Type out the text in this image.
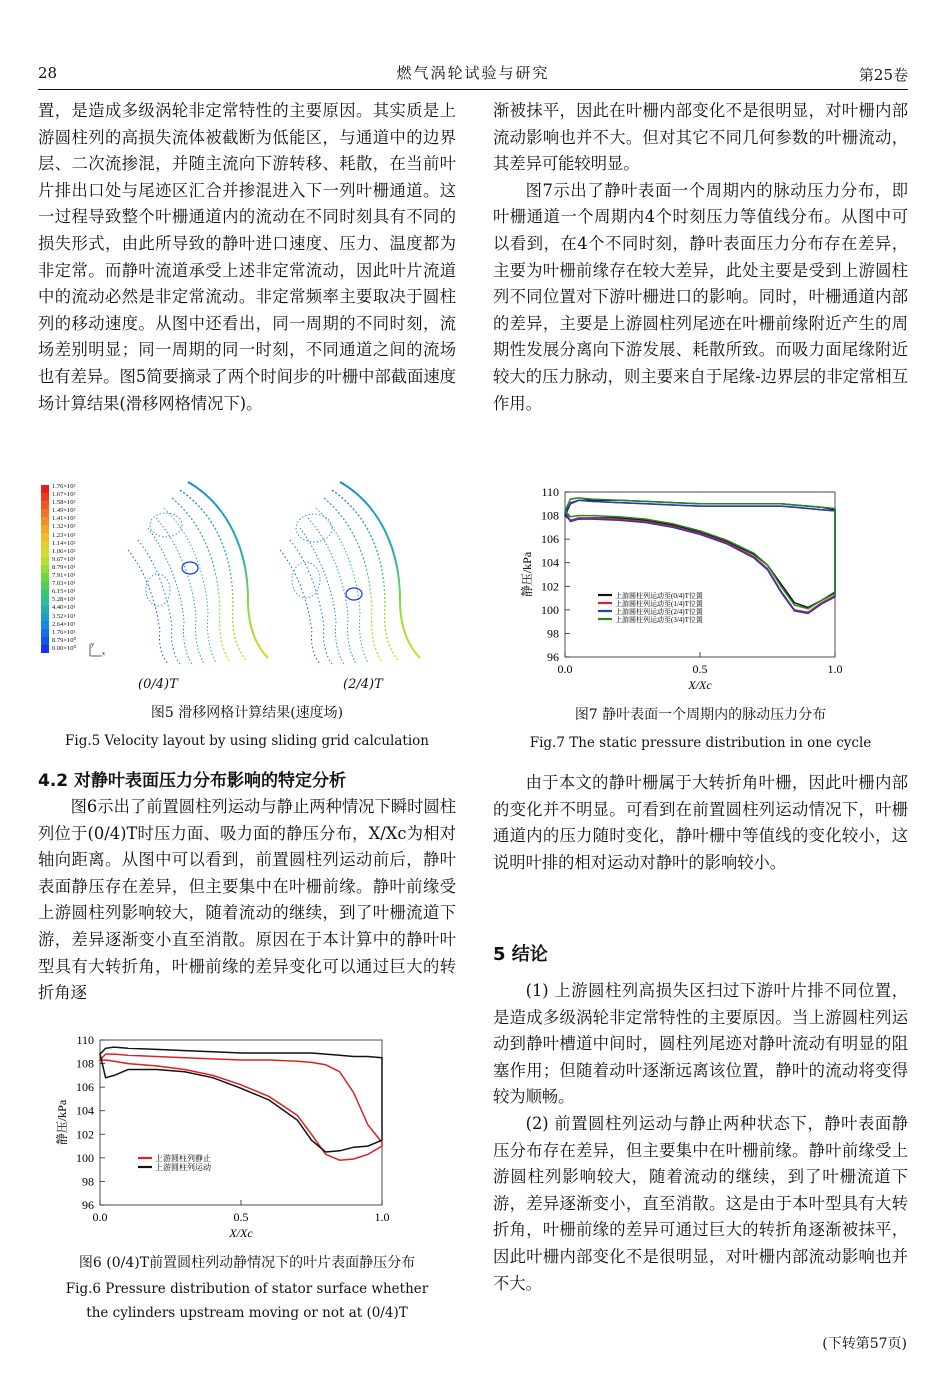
28	燃气涡轮试验与研究	第25卷

置，是造成多级涡轮非定常特性的主要原因。其实质是上游圆柱列的高损失流体被截断为低能区，与通道中的边界层、二次流掺混，并随主流向下游转移、耗散，在当前叶片排出口处与尾迹区汇合并掺混进入下一列叶栅通道。这一过程导致整个叶栅通道内的流动在不同时刻具有不同的损失形式，由此所导致的静叶进口速度、压力、温度都为非定常。而静叶流道承受上述非定常流动，因此叶片流道中的流动必然是非定常流动。非定常频率主要取决于圆柱列的移动速度。从图中还看出，同一周期的不同时刻，流场差别明显；同一周期的同一时刻，不同通道之间的流场也有差异。图5简要摘录了两个时间步的叶栅中部截面速度场计算结果(滑移网格情况下)。

1.76×10²
1.67×10²
1.58×10²
1.49×10²
1.41×10²
1.32×10²
1.23×10²
1.14×10²
1.06×10²
9.67×10¹
8.79×10¹
7.91×10¹
7.03×10¹
6.15×10¹
5.28×10¹
4.40×10¹
3.52×10¹
2.64×10¹
1.76×10¹
8.79×10⁰
0.00×10⁰	y
x
(0/4)T	(2/4)T
图5 滑移网格计算结果(速度场)
Fig.5 Velocity layout by using sliding grid calculation
4.2 对静叶表面压力分布影响的特定分析

图6示出了前置圆柱列运动与静止两种情况下瞬时圆柱列位于(0/4)T时压力面、吸力面的静压分布，X/Xc为相对轴向距离。从图中可以看到，前置圆柱列运动前后，静叶表面静压存在差异，但主要集中在叶栅前缘。静叶前缘受上游圆柱列影响较大，随着流动的继续，到了叶栅流道下游，差异逐渐变小直至消散。原因在于本计算中的静叶叶型具有大转折角，叶栅前缘的差异变化可以通过巨大的转折角逐

渐被抹平，因此在叶栅内部变化不是很明显，对叶栅内部流动影响也并不大。但对其它不同几何参数的叶栅流动，其差异可能较明显。

图7示出了静叶表面一个周期内的脉动压力分布，即叶栅通道一个周期内4个时刻压力等值线分布。从图中可以看到，在4个不同时刻，静叶表面压力分布存在差异，主要为叶栅前缘存在较大差异，此处主要是受到上游圆柱列不同位置对下游叶栅进口的影响。同时，叶栅通道内部的差异，主要是上游圆柱列尾迹在叶栅前缘附近产生的周期性发展分离向下游发展、耗散所致。而吸力面尾缘附近较大的压力脉动，则主要来自于尾缘-边界层的非定常相互作用。

110
108
106
104
102
100
98
96
0.0	0.5	1.0
X/Xc
静压/kPa	上游圆柱列运动至(0/4)T位置
上游圆柱列运动至(1/4)T位置
上游圆柱列运动至(2/4)T位置
上游圆柱列运动至(3/4)T位置
图7 静叶表面一个周期内的脉动压力分布
Fig.7 The static pressure distribution in one cycle

由于本文的静叶栅属于大转折角叶栅，因此叶栅内部的变化并不明显。可看到在前置圆柱列运动情况下，叶栅通道内的压力随时变化，静叶栅中等值线的变化较小，这说明叶排的相对运动对静叶的影响较小。

5 结论

(1) 上游圆柱列高损失区扫过下游叶片排不同位置，是造成多级涡轮非定常特性的主要原因。当上游圆柱列运动到静叶槽道中间时，圆柱列尾迹对静叶流动有明显的阻塞作用；但随着动叶逐渐远离该位置，静叶的流动将变得较为顺畅。

(2) 前置圆柱列运动与静止两种状态下，静叶表面静压分布存在差异，但主要集中在叶栅前缘。静叶前缘受上游圆柱列影响较大，随着流动的继续，到了叶栅流道下游，差异逐渐变小，直至消散。这是由于本叶型具有大转折角，叶栅前缘的差异可通过巨大的转折角逐渐被抹平，因此叶栅内部变化不是很明显，对叶栅内部流动影响也并不大。

(下转第57页)
110
108
106
104
102
100
98
96
0.0	0.5	1.0
X/Xc
静压/kPa
上游圆柱列静止
上游圆柱列运动
图6 (0/4)T前置圆柱列动静情况下的叶片表面静压分布
Fig.6 Pressure distribution of stator surface whether
the cylinders upstream moving or not at (0/4)T
